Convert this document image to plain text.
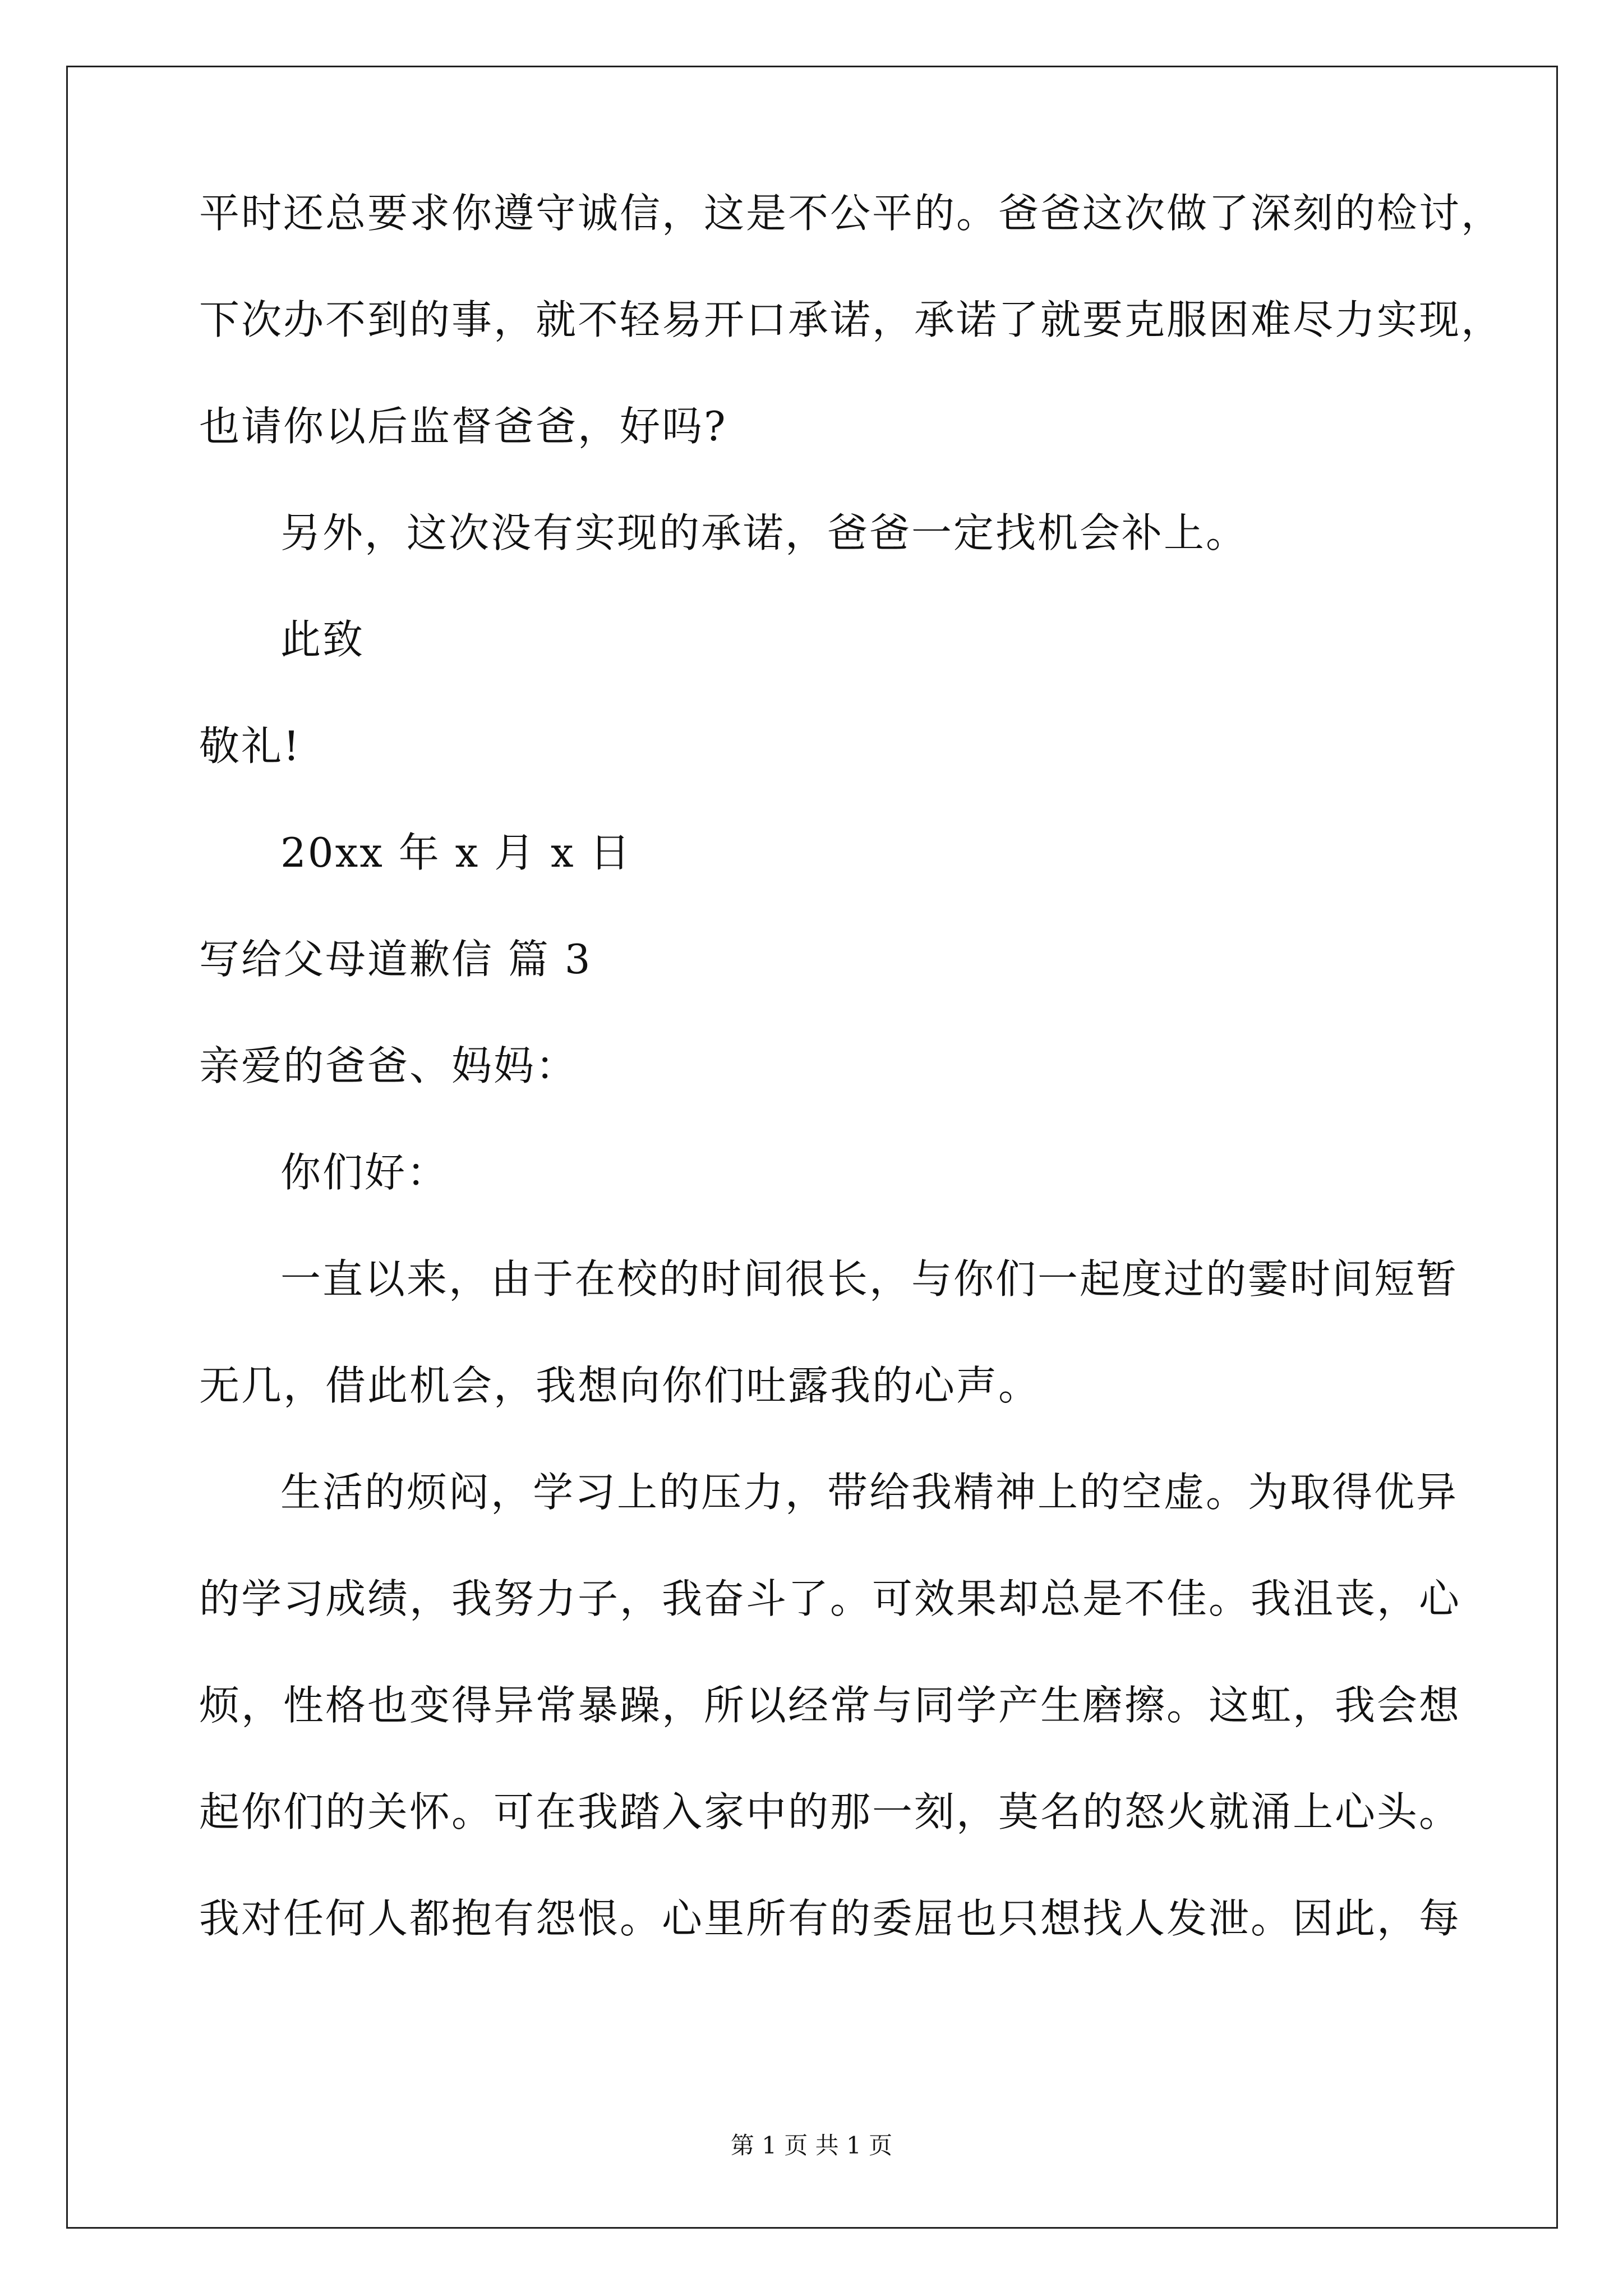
平时还总要求你遵守诚信，这是不公平的。爸爸这次做了深刻的检讨，
下次办不到的事，就不轻易开口承诺，承诺了就要克服困难尽力实现，
也请你以后监督爸爸，好吗?
另外，这次没有实现的承诺，爸爸一定找机会补上。
此致
敬礼!
20xx 年 x 月 x 日
写给父母道歉信 篇 3
亲爱的爸爸、妈妈：
你们好：
一直以来，由于在校的时间很长，与你们一起度过的霎时间短暂
无几，借此机会，我想向你们吐露我的心声。
生活的烦闷，学习上的压力，带给我精神上的空虚。为取得优异
的学习成绩，我努力子，我奋斗了。可效果却总是不佳。我沮丧，心
烦，性格也变得异常暴躁，所以经常与同学产生磨擦。这虹，我会想
起你们的关怀。可在我踏入家中的那一刻，莫名的怒火就涌上心头。
我对任何人都抱有怨恨。心里所有的委屈也只想找人发泄。因此，每
第 1 页 共 1 页
